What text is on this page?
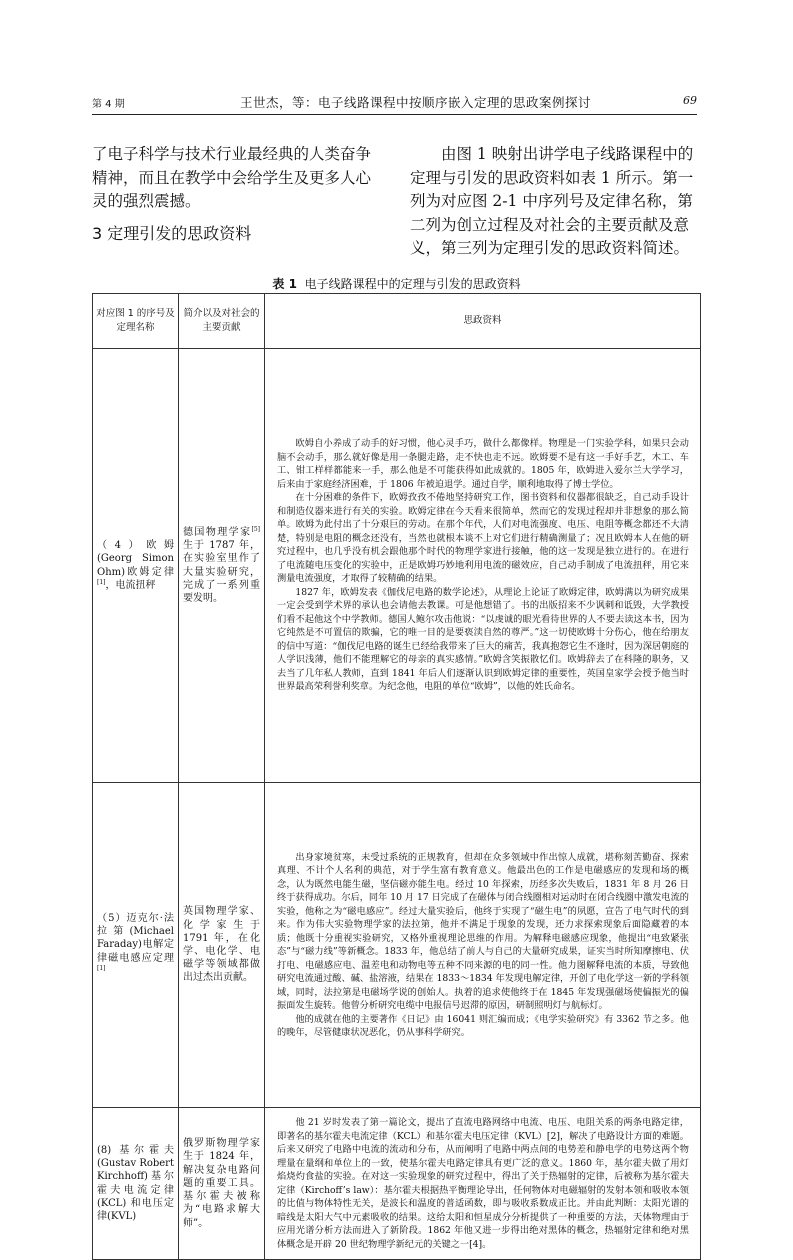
第 4 期	王世杰，等：电子线路课程中按顺序嵌入定理的思政案例探讨	69

了电子科学与技术行业最经典的人类奋争精神，而且在教学中会给学生及更多人心灵的强烈震撼。

3 定理引发的思政资料

由图 1 映射出讲学电子线路课程中的定理与引发的思政资料如表 1 所示。第一列为对应图 2-1 中序列号及定律名称，第二列为创立过程及对社会的主要贡献及意义，第三列为定理引发的思政资料简述。

表 1 电子线路课程中的定理与引发的思政资料
对应图 1 的序号及定理名称	简介以及对社会的主要贡献	思政资料
（4）欧姆(Georg Simon Ohm)欧姆定律[1]，电流扭秤	德国物理学家[5]生于 1787 年，在实验室里作了大量实验研究，完成了一系列重要发明。	欧姆自小养成了动手的好习惯，他心灵手巧，做什么都像样。物理是一门实验学科，如果只会动脑不会动手，那么就好像是用一条腿走路，走不快也走不远。欧姆要不是有这一手好手艺，木工、车工、钳工样样都能来一手，那么他是不可能获得如此成就的。1805 年，欧姆进入爱尔兰大学学习，后来由于家庭经济困难，于 1806 年被迫退学。通过自学，顺利地取得了博士学位。

在十分困难的条件下，欧姆孜孜不倦地坚持研究工作，图书资料和仪器都很缺乏，自己动手设计和制造仪器来进行有关的实验。欧姆定律在今天看来很简单，然而它的发现过程却并非想象的那么简单。欧姆为此付出了十分艰巨的劳动。在那个年代，人们对电流强度、电压、电阻等概念都还不大清楚，特别是电阻的概念还没有，当然也就根本谈不上对它们进行精确测量了；况且欧姆本人在他的研究过程中，也几乎没有机会跟他那个时代的物理学家进行接触，他的这一发现是独立进行的。在进行了电流随电压变化的实验中，正是欧姆巧妙地利用电流的磁效应，自己动手制成了电流扭秤，用它来测量电流强度，才取得了较精确的结果。

1827 年，欧姆发表《伽伐尼电路的数学论述》，从理论上论证了欧姆定律，欧姆满以为研究成果一定会受到学术界的承认也会请他去教课。可是他想错了。书的出版招来不少讽刺和诋毁，大学教授们看不起他这个中学教师。德国人鲍尔攻击他说：“以虔诚的眼光看待世界的人不要去读这本书，因为它纯然是不可置信的欺骗，它的唯一目的是要亵渎自然的尊严。”这一切使欧姆十分伤心，他在给朋友的信中写道：“伽伐尼电路的诞生已经给我带来了巨大的痛苦，我真抱怨它生不逢时，因为深居朝庭的人学识浅薄，他们不能理解它的母亲的真实感情。”欧姆含笑振散忆们。欧姆辞去了在科隆的职务，又去当了几年私人教师，直到 1841 年后人们逐渐认识到欧姆定律的重要性，英国皇家学会授予他当时世界最高荣利誉利奖章。为纪念他，电阻的单位“欧姆”，以他的姓氏命名。

（5）迈克尔·法拉第(Michael Faraday)电解定律磁电感应定理[1]	英国物理学家、化学家生于 1791 年，在化学、电化学、电磁学等领域都做出过杰出贡献。	出身家境贫寒，未受过系统的正规教育，但却在众多领域中作出惊人成就，堪称刻苦勤奋、探索真理、不计个人名利的典范，对于学生富有教育意义。他最出色的工作是电磁感应的发现和场的概念，认为既然电能生磁，坚信磁亦能生电。经过 10 年探索，历经多次失败后，1831 年 8 月 26 日终于获得成功。尔后，同年 10 月 17 日完成了在磁体与闭合线圈相对运动时在闭合线圈中激发电流的实验，他称之为“磁电感应”。经过大量实验后，他终于实现了“磁生电”的夙愿，宣告了电气时代的到来。作为伟大实验物理学家的法拉第，他并不满足于现象的发现，还力求探索现象后面隐藏着的本质；他既十分重视实验研究，又格外重视理论思维的作用。为解释电磁感应现象，他提出“电致紧张态”与“磁力线”等新概念。1833 年，他总结了前人与自己的大量研究成果，证实当时所知摩擦电、伏打电、电磁感应电、温差电和动物电等五种不同来源的电的同一性。他力图解释电流的本质，导致他研究电流通过酸、碱、盐溶液，结果在 1833～1834 年发现电解定律，开创了电化学这一新的学科领域，同时，法拉第是电磁场学说的创始人。执着的追求使他终于在 1845 年发现强磁场使偏振光的偏振面发生旋转。他曾分析研究电缆中电报信号迟滞的原因，研制照明灯与航标灯。

他的成就在他的主要著作《日记》由 16041 则汇编而成；《电学实验研究》有 3362 节之多。他的晚年，尽管健康状况恶化，仍从事科学研究。

(8) 基尔霍夫(Gustav Robert Kirchhoff)基尔霍夫电流定律(KCL) 和电压定律(KVL)	俄罗斯物理学家生于 1824 年，解决复杂电路问题的重要工具。基尔霍夫被称为“电路求解大师”。	他 21 岁时发表了第一篇论文，提出了直流电路网络中电流、电压、电阻关系的两条电路定律，即著名的基尔霍夫电流定律（KCL）和基尔霍夫电压定律（KVL）[2]，解决了电路设计方面的难题。后来又研究了电路中电流的流动和分布，从而阐明了电路中两点间的电势差和静电学的电势这两个物理量在量纲和单位上的一致，使基尔霍夫电路定律具有更广泛的意义。1860 年，基尔霍夫做了用灯焰烧灼食盐的实验。在对这一实验现象的研究过程中，得出了关于热辐射的定律，后被称为基尔霍夫定律（Kirchoff’s law）：基尔霍夫根据热平衡理论导出，任何物体对电磁辐射的发射本领和吸收本领的比值与物体特性无关，是波长和温度的普适函数，即与吸收系数成正比。并由此判断：太阳光谱的暗线是太阳大气中元素吸收的结果。这给太阳和恒星成分分析提供了一种重要的方法，天体物理由于应用光谱分析方法而进入了新阶段。1862 年他又进一步得出绝对黑体的概念，热辐射定律和绝对黑体概念是开辟 20 世纪物理学新纪元的关键之一[4]。
